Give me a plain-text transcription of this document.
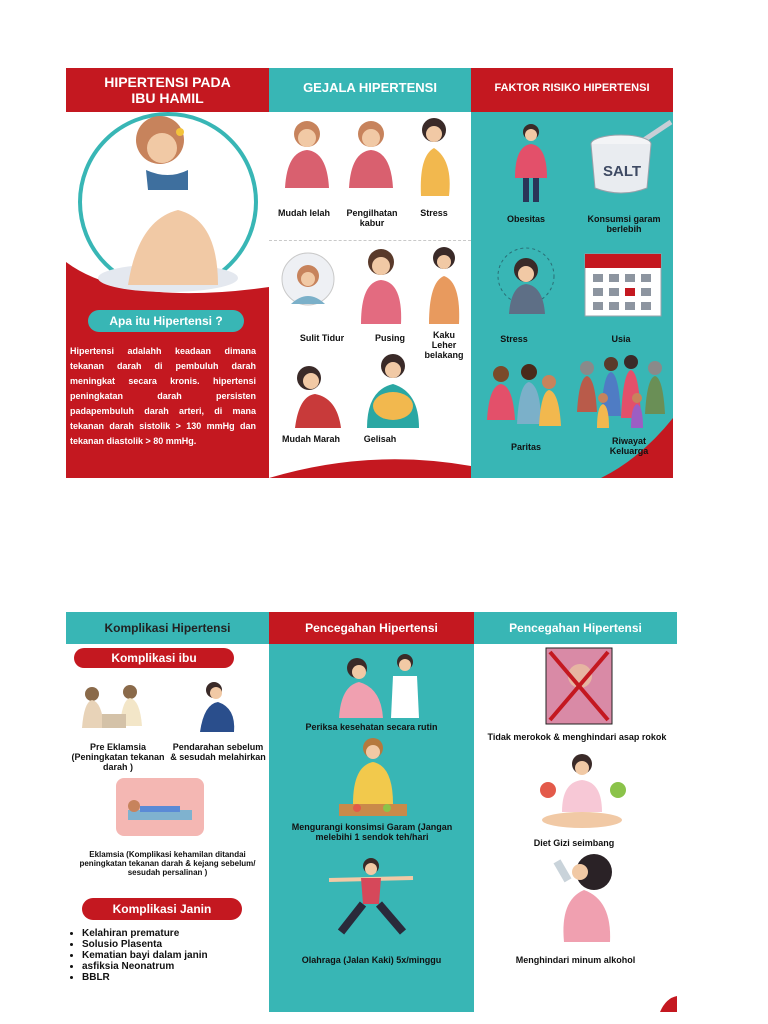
HIPERTENSI PADA
IBU HAMIL
Apa itu Hipertensi ?
Hipertensi adalahh keadaan dimana tekanan darah di pembuluh darah meningkat secara kronis. hipertensi peningkatan darah persisten padapembuluh darah arteri, di mana tekanan darah sistolik > 130 mmHg dan tekanan diastolik > 80 mmHg.
GEJALA HIPERTENSI
Mudah lelah	Pengilhatan kabur
Stress
Sulit Tidur	Pusing	Kaku Leher belakang
Mudah Marah	Gelisah
FAKTOR RISIKO HIPERTENSI
SALT
Obesitas	Konsumsi garam berlebih
Stress	Usia
Paritas
Riwayat Keluarga
Komplikasi Hipertensi
Komplikasi ibu
Pre Eklamsia (Peningkatan tekanan darah )
Pendarahan sebelum & sesudah melahirkan
Eklamsia (Komplikasi kehamilan ditandai peningkatan tekanan darah & kejang sebelum/ sesudah persalinan )
Komplikasi Janin
• Kelahiran premature
• Solusio Plasenta
• Kematian bayi dalam janin
• asfiksia Neonatrum
• BBLR
Pencegahan Hipertensi
Periksa kesehatan secara rutin
Mengurangi konsimsi Garam (Jangan melebihi 1 sendok teh/hari
Olahraga (Jalan Kaki) 5x/minggu
Pencegahan Hipertensi
Tidak merokok & menghindari asap rokok
Diet Gizi seimbang
Menghindari minum alkohol
